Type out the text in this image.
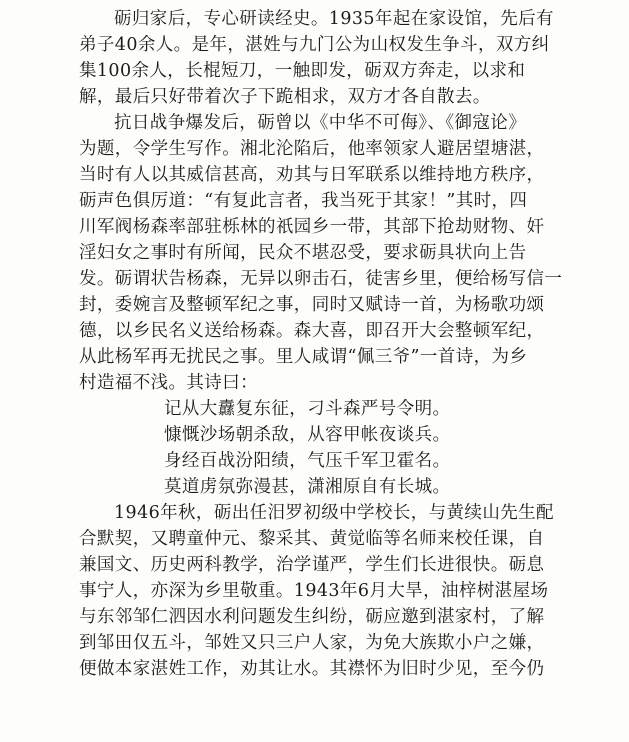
砺归家后，专心研读经史。1935年起在家设馆，先后有
弟子40余人。是年，湛姓与九门公为山权发生争斗，双方纠
集100余人，长棍短刀，一触即发，砺双方奔走，以求和
解，最后只好带着次子下跪相求，双方才各自散去。
抗日战争爆发后，砺曾以《中华不可侮》、《御寇论》
为题，令学生写作。湘北沦陷后，他率领家人避居望塘湛，
当时有人以其威信甚高，劝其与日军联系以维持地方秩序，
砺声色俱厉道：“有复此言者，我当死于其家！”其时，四
川军阀杨森率部驻栎林的祇园乡一带，其部下抢劫财物、奸
淫妇女之事时有所闻，民众不堪忍受，要求砺具状向上告
发。砺谓状告杨森，无异以卵击石，徒害乡里，便给杨写信一
封，委婉言及整顿军纪之事，同时又赋诗一首，为杨歌功颂
德，以乡民名义送给杨森。森大喜，即召开大会整顿军纪，
从此杨军再无扰民之事。里人咸谓“佩三爷”一首诗，为乡
村造福不浅。其诗曰：
记从大纛复东征，刁斗森严号令明。
慷慨沙场朝杀敌，从容甲帐夜谈兵。
身经百战汾阳绩，气压千军卫霍名。
莫道虏氛弥漫甚，潇湘原自有长城。
1946年秋，砺出任汨罗初级中学校长，与黄续山先生配
合默契，又聘童仲元、黎采其、黄觉临等名师来校任课，自
兼国文、历史两科教学，治学谨严，学生们长进很快。砺息
事宁人，亦深为乡里敬重。1943年6月大旱，油梓树湛屋场
与东邻邹仁泗因水利问题发生纠纷，砺应邀到湛家村，了解
到邹田仅五斗，邹姓又只三户人家，为免大族欺小户之嫌，
便做本家湛姓工作，劝其让水。其襟怀为旧时少见，至今仍
